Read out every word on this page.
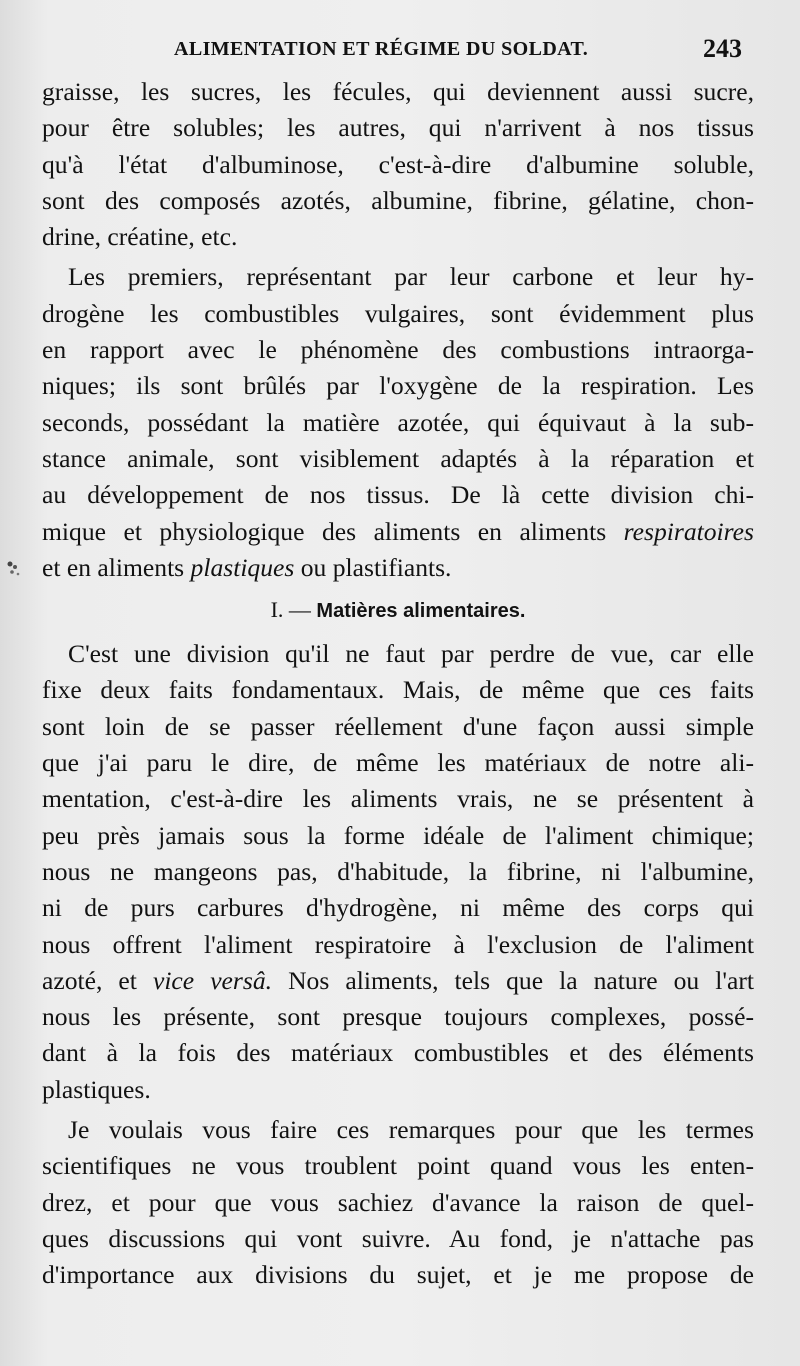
ALIMENTATION ET RÉGIME DU SOLDAT.	243
graisse, les sucres, les fécules, qui deviennent aussi sucre,
pour être solubles; les autres, qui n'arrivent à nos tissus
qu'à l'état d'albuminose, c'est-à-dire d'albumine soluble,
sont des composés azotés, albumine, fibrine, gélatine, chon-
drine, créatine, etc.
Les premiers, représentant par leur carbone et leur hy-
drogène les combustibles vulgaires, sont évidemment plus
en rapport avec le phénomène des combustions intraorga-
niques; ils sont brûlés par l'oxygène de la respiration. Les
seconds, possédant la matière azotée, qui équivaut à la sub-
stance animale, sont visiblement adaptés à la réparation et
au développement de nos tissus. De là cette division chi-
mique et physiologique des aliments en aliments respiratoires
et en aliments plastiques ou plastifiants.
I. — Matières alimentaires.
C'est une division qu'il ne faut par perdre de vue, car elle
fixe deux faits fondamentaux. Mais, de même que ces faits
sont loin de se passer réellement d'une façon aussi simple
que j'ai paru le dire, de même les matériaux de notre ali-
mentation, c'est-à-dire les aliments vrais, ne se présentent à
peu près jamais sous la forme idéale de l'aliment chimique;
nous ne mangeons pas, d'habitude, la fibrine, ni l'albumine,
ni de purs carbures d'hydrogène, ni même des corps qui
nous offrent l'aliment respiratoire à l'exclusion de l'aliment
azoté, et vice versâ. Nos aliments, tels que la nature ou l'art
nous les présente, sont presque toujours complexes, possé-
dant à la fois des matériaux combustibles et des éléments
plastiques.
Je voulais vous faire ces remarques pour que les termes
scientifiques ne vous troublent point quand vous les enten-
drez, et pour que vous sachiez d'avance la raison de quel-
ques discussions qui vont suivre. Au fond, je n'attache pas
d'importance aux divisions du sujet, et je me propose de
